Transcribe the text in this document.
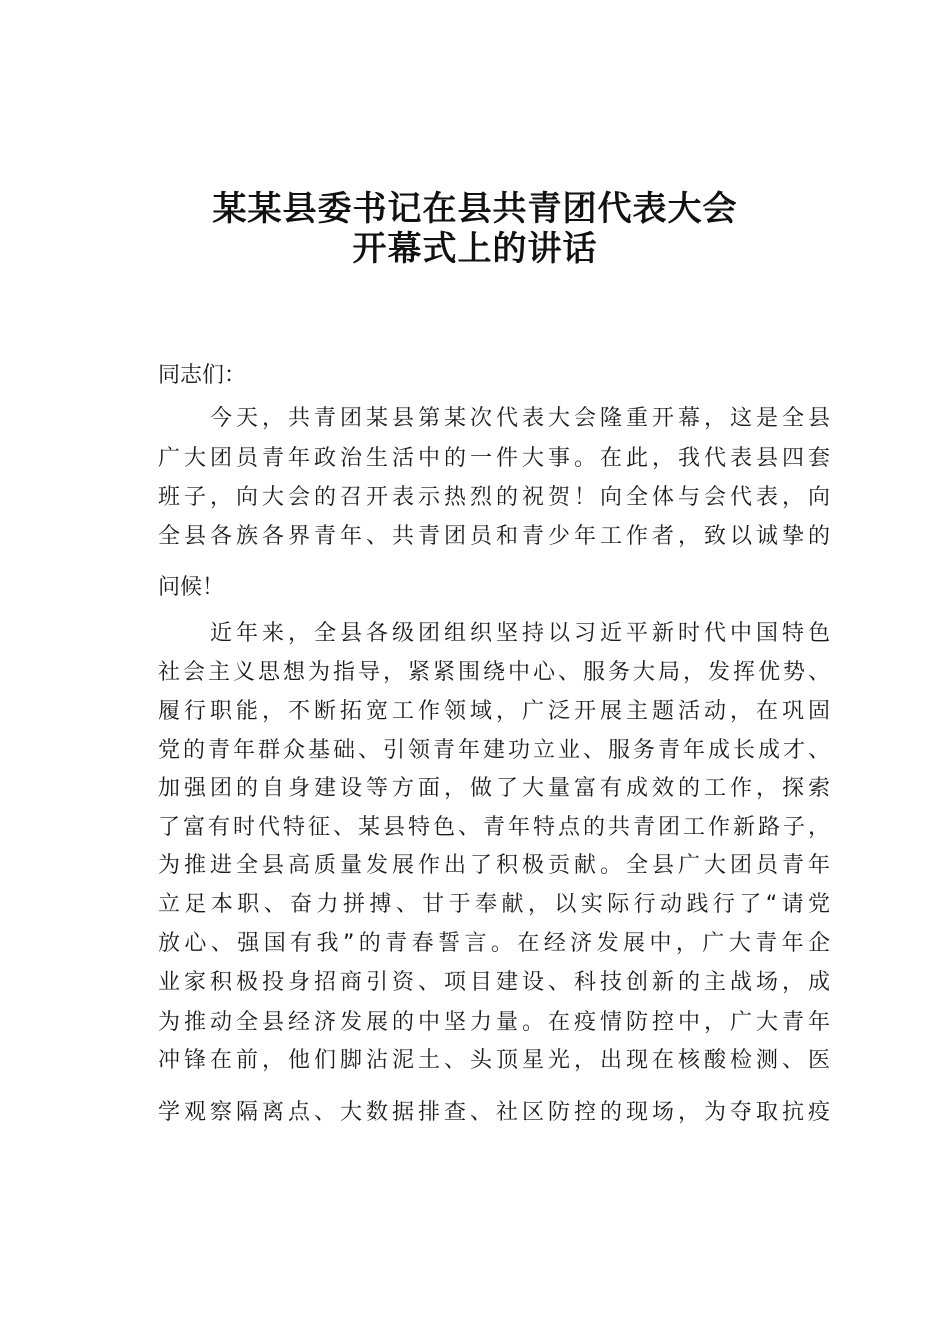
某某县委书记在县共青团代表大会
开幕式上的讲话
同志们：
今天，共青团某县第某次代表大会隆重开幕，这是全县
广大团员青年政治生活中的一件大事。在此，我代表县四套
班子，向大会的召开表示热烈的祝贺！向全体与会代表，向
全县各族各界青年、共青团员和青少年工作者，致以诚挚的
问候！
近年来，全县各级团组织坚持以习近平新时代中国特色
社会主义思想为指导，紧紧围绕中心、服务大局，发挥优势、
履行职能，不断拓宽工作领域，广泛开展主题活动，在巩固
党的青年群众基础、引领青年建功立业、服务青年成长成才、
加强团的自身建设等方面，做了大量富有成效的工作，探索
了富有时代特征、某县特色、青年特点的共青团工作新路子，
为推进全县高质量发展作出了积极贡献。全县广大团员青年
立足本职、奋力拼搏、甘于奉献，以实际行动践行了“请党
放心、强国有我”的青春誓言。在经济发展中，广大青年企
业家积极投身招商引资、项目建设、科技创新的主战场，成
为推动全县经济发展的中坚力量。在疫情防控中，广大青年
冲锋在前，他们脚沾泥土、头顶星光，出现在核酸检测、医
学观察隔离点、大数据排查、社区防控的现场，为夺取抗疫
